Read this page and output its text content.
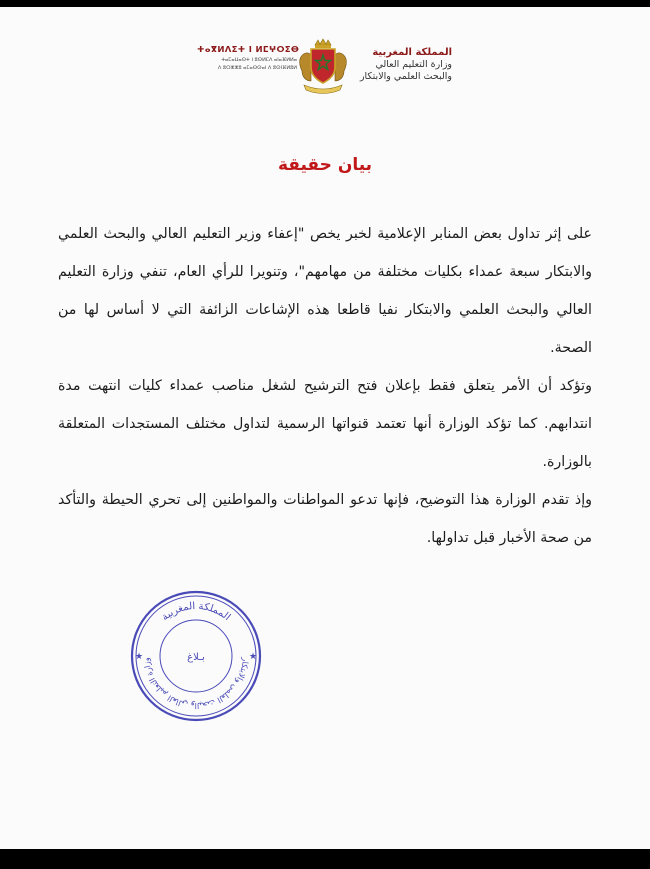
ⵜⴰⴳⵍⴷⵉⵜ ⵏ ⵍⵎⵖⵔⵉⴱ
ⵜⴰⵎⴰⵡⴰⵙⵜ ⵏ ⵓⵙⵍⵎⴷ ⴰⵏⴰⴼⵍⵍⴰ
ⴷ ⵓⵔⵣⵣⵓ ⴰⵎⴰⵙⵙⴰⵏ ⴷ ⵓⵙⵏⴼⵍⵓⵍ
المملكة المغربية
وزارة التعليم العالي
والبحث العلمي والابتكار
بيان حقيقة

على إثر تداول بعض المنابر الإعلامية لخبر يخص "إعفاء وزير التعليم العالي والبحث العلمي والابتكار سبعة عمداء بكليات مختلفة من مهامهم"، وتنويرا للرأي العام، تنفي وزارة التعليم العالي والبحث العلمي والابتكار نفيا قاطعا هذه الإشاعات الزائفة التي لا أساس لها من الصحة.

وتؤكد أن الأمر يتعلق فقط بإعلان فتح الترشيح لشغل مناصب عمداء كليات انتهت مدة انتدابهم. كما تؤكد الوزارة أنها تعتمد قنواتها الرسمية لتداول مختلف المستجدات المتعلقة بالوزارة.

وإذ تقدم الوزارة هذا التوضيح، فإنها تدعو المواطنات والمواطنين إلى تحري الحيطة والتأكد من صحة الأخبار قبل تداولها.

المملكة المغربية
وزارة التعليم العالي والبحث العلمي والابتكار
★	★
بـلاغ
